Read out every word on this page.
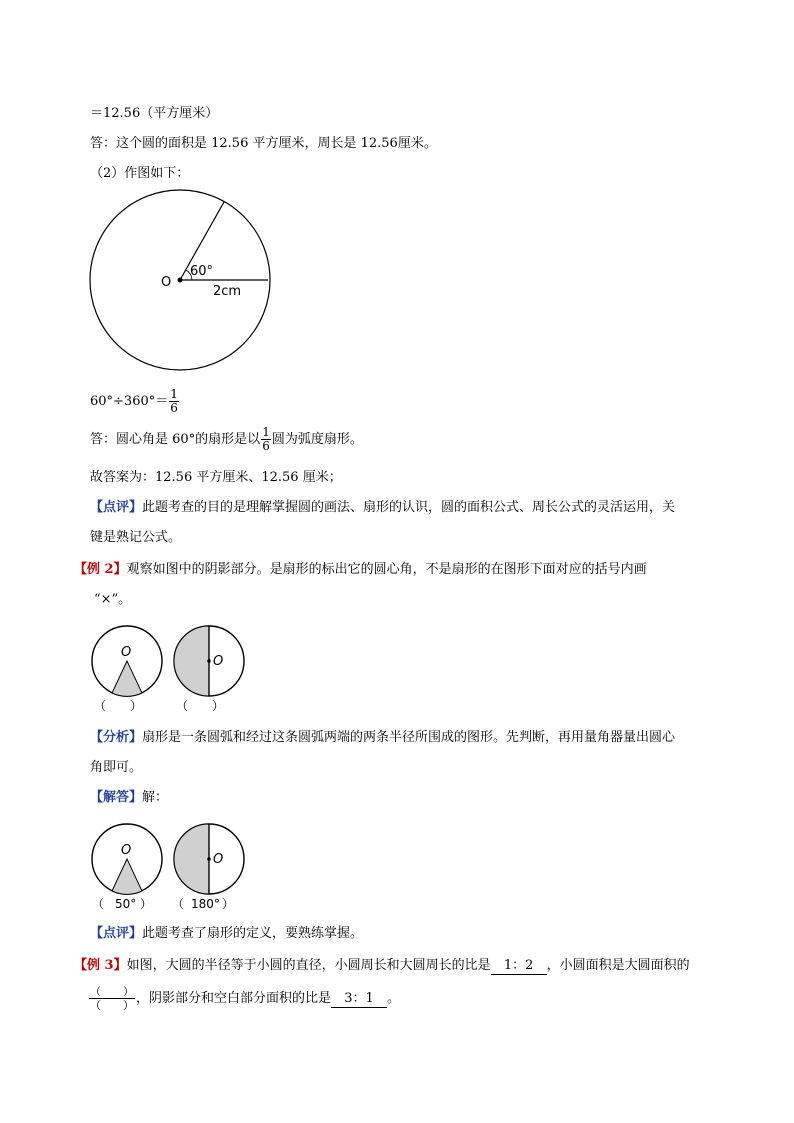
＝12.56（平方厘米）
答：这个圆的面积是 12.56 平方厘米，周长是 12.56厘米。
（2）作图如下：
O
60°
2cm
$60^\circ\div 360^\circ= \frac{1}{6}$
答：圆心角是 60°的扇形是以 $\frac{1}{6}$ 圆为弧度扇形。
故答案为：12.56 平方厘米、12.56 厘米；
【点评】此题考查的目的是理解掌握圆的画法、扇形的认识，圆的面积公式、周长公式的灵活运用，关
键是熟记公式。
【例 2】观察如图中的阴影部分。是扇形的标出它的圆心角，不是扇形的在图形下面对应的括号内画
“×”。
O
O
（　　）	（　　）
【分析】扇形是一条圆弧和经过这条圆弧两端的两条半径所围成的图形。先判断，再用量角器量出圆心
角即可。
【解答】解：
O
O
（ 50° ） （ 180° ）
【点评】此题考查了扇形的定义，要熟练掌握。
【例 3】如图，大圆的半径等于小圆的直径，小圆周长和大圆周长的比是 1：2 ，小圆面积是大圆面积的
$\frac{( )}{( )}$ ，阴影部分和空白部分面积的比是 3：1 。
